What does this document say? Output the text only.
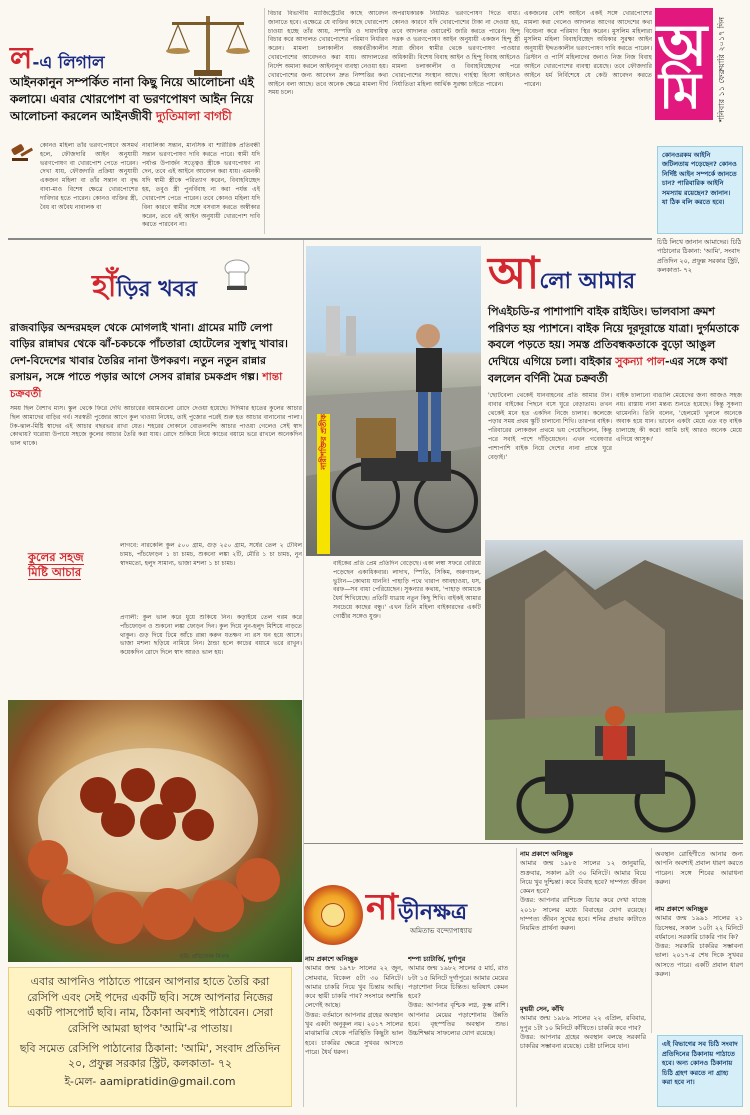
ল-এ লিগাল
আইনকানুন সম্পর্কিত নানা কিছু নিয়ে আলোচনা এই কলামে। এবার খোরপোশ বা ভরণপোষণ আইন নিয়ে আলোচনা করলেন আইনজীবী দ্যুতিমালা বাগচী
কোনও মহিলা তাঁর ভরণপোষণে অসমর্থ হলে, ফৌজদারি আইন অনুযায়ী ভরণপোষণ বা খোরপোশ পেতে পারেন। দেখা যায়, ফৌজদারি প্রক্রিয়া অনুযায়ী একজন মহিলা বা তাঁর সন্তান বা বৃদ্ধ বাবা-মাও বিশেষ ক্ষেত্রে খোরপোশের দাবিদার হতে পারেন। কোনও ব্যক্তির স্ত্রী, বৈধ বা অবৈধ নাবালক বা
নাবালিকা সন্তান, মানসিক বা শারীরিক প্রতিবন্ধী সন্তান ভরণপোষণ দাবি করতে পারে। স্বামী যদি পর্যাপ্ত উপার্জন সত্ত্বেও স্ত্রীকে ভরণপোষণ না দেন, তবে এই আইনে আবেদন করা যায়। এমনকী যদি স্বামী স্ত্রীকে পরিত্যাগ করেন, বিবাহবিচ্ছেদ হয়, তবুও স্ত্রী পুনর্বিবাহ না করা পর্যন্ত এই খোরপোশ পেতে পারেন। তবে কোনও মহিলা যদি বিনা কারণে স্বামীর সঙ্গে বসবাস করতে অস্বীকার করেন, তবে এই আইন অনুযায়ী খোরপোশ দাবি করতে পারবেন না।
বিচার বিভাগীয় ম্যাজিস্ট্রেটের কাছে আবেদন জানাতে হবে। এক্ষেত্রে যে ব্যক্তির কাছে খোরপোশ চাওয়া হচ্ছে তাঁর আয়, সম্পত্তি ও দায়দায়িত্ব বিচার করে আদালত খোরপোশের পরিমাণ নির্ধারণ করেন। মামলা চলাকালীন অন্তর্বর্তীকালীন খোরপোশের আবেদনও করা যায়। আদালতের নির্দেশ অমান্য করলে আইনানুগ ব্যবস্থা নেওয়া হয়। খোরপোশের জন্য আবেদন দ্রুত নিষ্পত্তির কথা আইনে বলা আছে। তবে অনেক ক্ষেত্রে মামলা দীর্ঘ সময় চলে।
অপরাধকারক নিয়মিত ভরণপোষণ দিতে বাধ্য। কোনও কারণে যদি খোরপোশের টাকা না দেওয়া হয়, তবে আদালত ওয়ারেন্ট জারি করতে পারেন। হিন্দু দত্তক ও ভরণপোষণ আইন অনুযায়ী একজন হিন্দু স্ত্রী সারা জীবন স্বামীর থেকে ভরণপোষণ পাওয়ার অধিকারী। বিশেষ বিবাহ আইন ও হিন্দু বিবাহ আইনেও মামলা চলাকালীন ও বিবাহবিচ্ছেদের পরে খোরপোশের সংস্থান আছে। গার্হস্থ্য হিংসা আইনেও নির্যাতিতা মহিলা আর্থিক সুরক্ষা চাইতে পারেন।
একজনের বেশি আইনে একই সঙ্গে খোরপোশের মামলা করা গেলেও আদালত আগের আদেশের কথা বিবেচনা করে পরিমাণ স্থির করেন। মুসলিম মহিলারা মুসলিম মহিলা বিবাহবিচ্ছেদ অধিকার সুরক্ষা আইন অনুযায়ী ইদ্দতকালীন ভরণপোষণ দাবি করতে পারেন। খ্রিস্টান ও পার্সি মহিলাদের জন্যও নিজ নিজ বিবাহ আইনে খোরপোশের ব্যবস্থা রয়েছে। তবে ফৌজদারি আইনে ধর্ম নির্বিশেষে যে কেউ আবেদন করতে পারেন।
অ
মি শনিবার ১১ ফেব্রুয়ারি ২০১৭ দিন
কোনওরকম আইনি জটিলতায় পড়েছেন? কোনও নির্দিষ্ট আইন সম্পর্কে জানতে চান? পারিবারিক আইনি সমস্যায় রয়েছেন? জানান। যা ঠিক বলি করতে হবে।
চিঠি লিখে জানান আমাদের। চিঠি পাঠানোর ঠিকানা: 'আমি', সংবাদ প্রতিদিন ২০, প্রফুল্ল সরকার স্ট্রিট, কলকাতা- ৭২
হাঁড়ির খবর
রাজবাড়ির অন্দরমহল থেকে মোগলাই খানা। গ্রামের মাটি লেপা বাড়ির রান্নাঘর থেকে ঝাঁ-চকচকে পাঁচতারা হোটেলের সুস্বাদু খাবার। দেশ-বিদেশের খাবার তৈরির নানা উপকরণ। নতুন নতুন রান্নার রসায়ন, সঙ্গে পাতে পড়ার আগে সেসব রান্নার চমকপ্রদ গল্প। শান্তা চক্রবর্তী
সময় ছিল বৈশাখ মাস। স্কুল থেকে ফিরে দেখি আচারের বয়ামগুলো রোদে দেওয়া হয়েছে। দিদিমার হাতের কুলের আচার ছিল আমাদের বাড়ির গর্ব। সরস্বতী পুজোর আগে কুল খাওয়া নিষেধ, তাই পুজোর পরেই শুরু হত আচার বানানোর পালা। টক-ঝাল-মিষ্টি স্বাদের এই আচার বছরভর রাখা যেত। শহরের দোকানে বোতলবন্দি আচার পাওয়া গেলেও সেই স্বাদ কোথায়? ঘরোয়া উপায়ে সহজে কুলের আচার তৈরি করা যায়। রোদে শুকিয়ে নিয়ে কাচের বয়ামে ভরে রাখলে অনেকদিন ভাল থাকে।
কুলের সহজ
মিষ্টি আচার
লাগবে: নারকেলি কুল ৫০০ গ্রাম, গুড় ২৫০ গ্রাম, সর্ষের তেল ২ টেবিল চামচ, পাঁচফোড়ন ১ চা চামচ, শুকনো লঙ্কা ২টি, মৌরি ১ চা চামচ, নুন স্বাদমতো, হলুদ সামান্য, ভাজা মশলা ১ চা চামচ।
প্রণালী: কুল ভাল করে ধুয়ে শুকিয়ে নিন। কড়াইয়ে তেল গরম করে পাঁচফোড়ন ও শুকনো লঙ্কা ফোড়ন দিন। কুল দিয়ে নুন-হলুদ মিশিয়ে নাড়তে থাকুন। গুড় দিয়ে ঢিমে আঁচে রান্না করুন যতক্ষণ না রস ঘন হয়ে আসে। ভাজা মশলা ছড়িয়ে নামিয়ে নিন। ঠান্ডা হলে কাচের বয়ামে ভরে রাখুন। কয়েকদিন রোদে দিলে স্বাদ আরও ভাল হয়।
ছবি: প্রতিবেদক নিজস্ব
এবার আপনিও পাঠাতে পারেন আপনার হাতে তৈরি করা রেসিপি এবং সেই পদের একটি ছবি। সঙ্গে আপনার নিজের একটি পাসপোর্ট ছবি। নাম, ঠিকানা অবশ্যই পাঠাবেন। সেরা রেসিপি আমরা ছাপব 'আমি'-র পাতায়।
ছবি সমেত রেসিপি পাঠানোর ঠিকানা: 'আমি', সংবাদ প্রতিদিন ২০, প্রফুল্ল সরকার স্ট্রিট, কলকাতা- ৭২
ই-মেল- aamipratidin@gmail.com
নারীশক্তির প্রতীক
আলো আমার
পিএইচডি-র পাশাপাশি বাইক রাইডিং। ভালবাসা ক্রমশ পরিণত হয় প্যাশনে। বাইক নিয়ে দূরদূরান্তে যাত্রা। দুর্গমতাকে কবলে পড়তে হয়। সমস্ত প্রতিবন্ধকতাকে বুড়ো আঙুল দেখিয়ে এগিয়ে চলা। বাইকার সুকন্যা পাল-এর সঙ্গে কথা বললেন বর্ণিনী মৈত্র চক্রবর্তী
'ছোটবেলা থেকেই যানবাহনের প্রতি আমার টান। বাবার বাইকের পিছনে বসে ঘুরে বেড়াতাম। তখন থেকেই মনে হত একদিন নিজে চালাব। কলেজে পড়ার সময় প্রথম স্কুটি চালানো শিখি। তারপর বাইক। পরিবারের লোকজন প্রথমে ভয় পেয়েছিলেন, কিন্তু পরে সবাই পাশে দাঁড়িয়েছেন। এখন গবেষণার পাশাপাশি বাইক নিয়ে দেশের নানা প্রান্তে ঘুরে বেড়াই।'
বাইক চালানো বাঙালি মেয়েদের জন্য আজও সহজ নয়। রাস্তায় নানা মন্তব্য শুনতে হয়েছে। কিন্তু সুকন্যা থামেননি। তিনি বলেন, 'হেলমেট খুললে অনেকে অবাক হয়ে যান। ভাবেন একটা মেয়ে এত বড় বাইক চালাচ্ছে কী করে! আমি চাই আরও অনেক মেয়ে এগিয়ে আসুক।'
বাইকের প্রতি প্রেম প্রতিদিন বেড়েছে। একা লম্বা সফরে বেরিয়ে পড়েছেন একাধিকবার। লাদাখ, স্পিতি, সিকিম, অরুণাচল, ভুটান—কোথায় যাননি! পাহাড়ি পথে খারাপ আবহাওয়া, ধস, বরফ—সব বাধা পেরিয়েছেন। সুকন্যার কথায়, 'পাহাড় আমাকে ধৈর্য শিখিয়েছে। প্রতিটি যাত্রায় নতুন কিছু শিখি। বাইকই আমার সবচেয়ে কাছের বন্ধু।' এখন তিনি মহিলা বাইকারদের একটি গোষ্ঠীর সঙ্গেও যুক্ত।
নাড়ীনক্ষত্র
অমিতাভ বন্দ্যোপাধ্যায়
নাম প্রকাশে অনিচ্ছুক
আমার জন্ম ১৯৭৮ সালের ২২ জুন, সোমবার, বিকেল ৫টা ৩০ মিনিটে। আমার চাকরি নিয়ে খুব চিন্তায় আছি। কবে স্থায়ী চাকরি পাব? সংসারে অশান্তি লেগেই আছে।
উত্তর: বর্তমানে আপনার গ্রহের অবস্থান খুব একটা অনুকূল নয়। ২০১৭ সালের মাঝামাঝি থেকে পরিস্থিতি কিছুটা ভাল হবে। চাকরির ক্ষেত্রে সুখবর আসতে পারে। ধৈর্য ধরুন।
শম্পা চ্যাটার্জি, দুর্গাপুর
আমার জন্ম ১৯৮২ সালের ৫ মার্চ, রাত ৮টা ১৫ মিনিটে দুর্গাপুরে। আমার মেয়ের পড়াশোনা নিয়ে চিন্তিত। ভবিষ্যৎ কেমন হবে?
উত্তর: আপনার বৃশ্চিক লগ্ন, কুম্ভ রাশি। আপনার মেয়ের পড়াশোনায় উন্নতি হবে। বৃহস্পতির অবস্থান শুভ। উচ্চশিক্ষায় সাফল্যের যোগ রয়েছে।
নাম প্রকাশে অনিচ্ছুক
আমার জন্ম ১৯৮৫ সালের ১২ জানুয়ারি, শুক্রবার, সকাল ৯টা ৩০ মিনিটে। আমার বিয়ে নিয়ে খুব দুশ্চিন্তা। কবে বিবাহ হবে? দাম্পত্য জীবন কেমন হবে?
উত্তর: আপনার রাশিচক্র বিচার করে দেখা যাচ্ছে ২০১৮ সালের মধ্যে বিবাহের যোগ রয়েছে। দাম্পত্য জীবন সুখের হবে। শনির প্রভাব কাটাতে নিয়মিত প্রার্থনা করুন।
মৃন্ময়ী সেন, কাঁথি
আমার জন্ম ১৯৮৯ সালের ২২ এপ্রিল, রবিবার, দুপুর ১টা ১০ মিনিটে কাঁথিতে। চাকরি কবে পাব?
উত্তর: আপনার গ্রহের অবস্থান বলছে সরকারি চাকরির সম্ভাবনা রয়েছে। চেষ্টা চালিয়ে যান।
অবস্থান রোহিণীতে আনার জন্য আপনি অবশ্যই প্রবাল ধারণ করতে পারেন। সঙ্গে শিবের আরাধনা করুন।
নাম প্রকাশে অনিচ্ছুক
আমার জন্ম ১৯৯১ সালের ২১ ডিসেম্বর, সকাল ১০টা ২২ মিনিটে বর্ধমানে। সরকারি চাকরি পাব কি?
উত্তর: সরকারি চাকরির সম্ভাবনা ভাল। ২০১৭-র শেষ দিকে সুখবর আসতে পারে। একটি প্রবাল ধারণ করুন।
এই বিভাগের সব চিঠি সংবাদ প্রতিদিনের ঠিকানায় পাঠাতে হবে। অন্য কোনও ঠিকানায় চিঠি গ্রহণ করতে না গ্রাহ্য করা হবে না।
